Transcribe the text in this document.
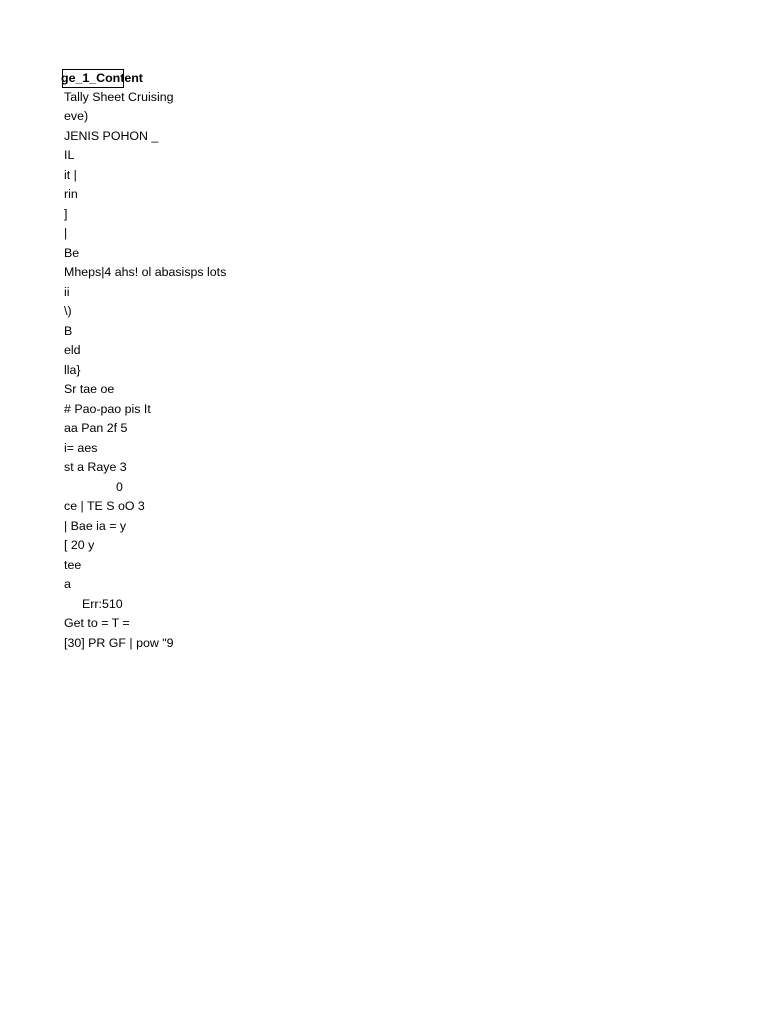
ge_1_Content

Tally Sheet Cruising
eve)
JENIS POHON _
IL
it |
rin
]
|
Be
Mheps|4 ahs! ol abasisps lots
ii
\)
B
eld
lla}
Sr tae oe
# Pao-pao pis It
aa Pan 2f 5
i= aes
st a Raye 3
0
ce | TE S oO 3
| Bae ia = y
[ 20 y
tee
a
Err:510
Get to = T =
[30] PR GF | pow "9
